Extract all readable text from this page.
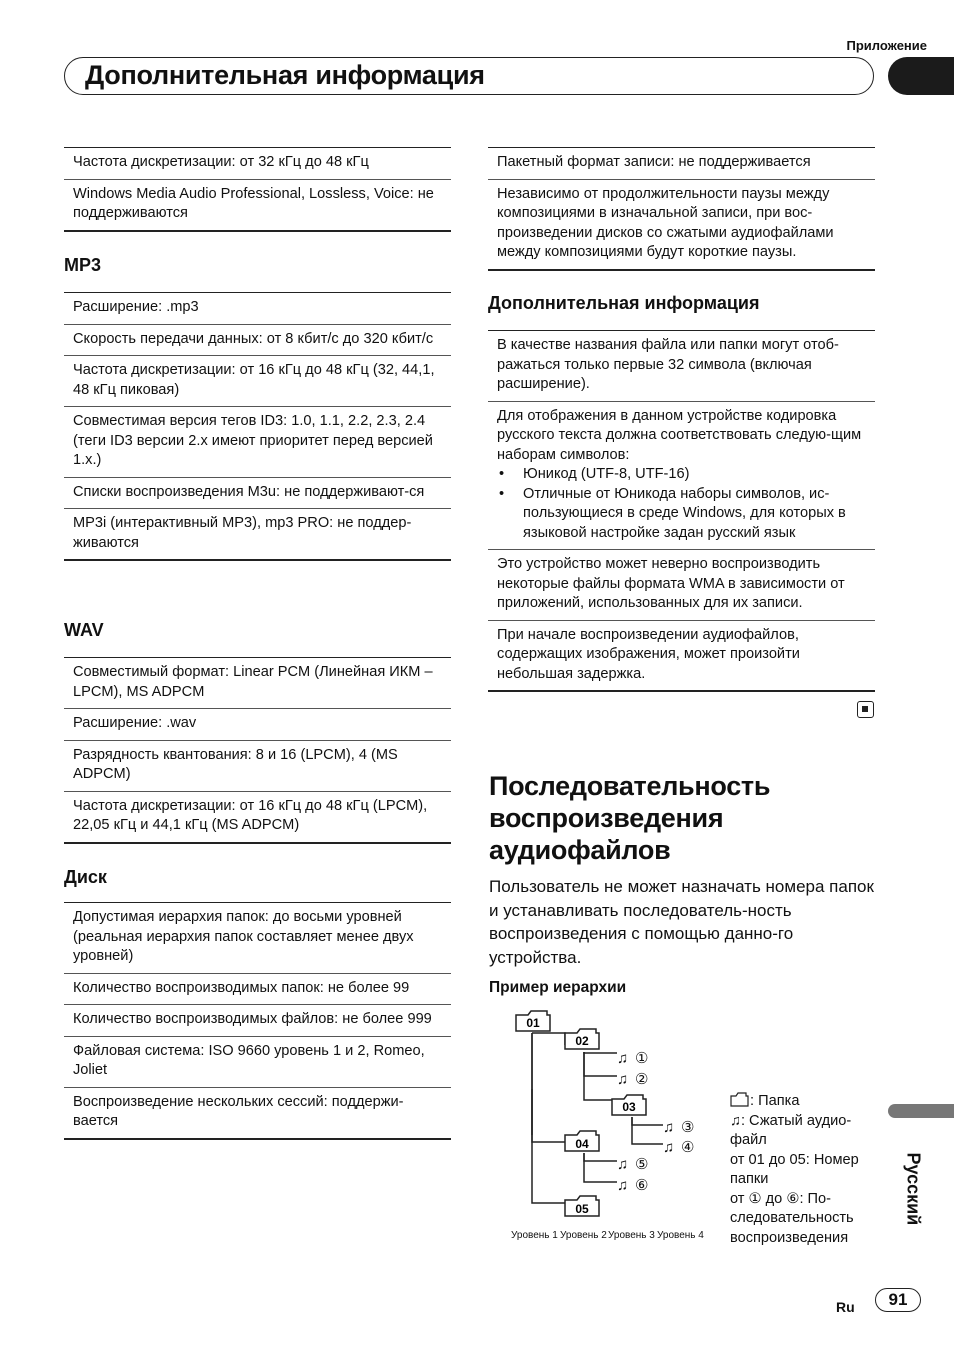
Приложение
Дополнительная информация
Частота дискретизации: от 32 кГц до 48 кГц
Windows Media Audio Professional, Lossless, Voice: не поддерживаются
MP3
Расширение: .mp3
Скорость передачи данных: от 8 кбит/с до 320 кбит/с
Частота дискретизации: от 16 кГц до 48 кГц (32, 44,1, 48 кГц пиковая)
Совместимая версия тегов ID3: 1.0, 1.1, 2.2, 2.3, 2.4 (теги ID3 версии 2.x имеют приоритет перед версией 1.x.)
Списки воспроизведения M3u: не поддерживают-ся
MP3i (интерактивный MP3), mp3 PRO: не поддер-живаются
WAV
Совместимый формат: Linear PCM (Линейная ИКМ – LPCM), MS ADPCM
Расширение: .wav
Разрядность квантования: 8 и 16 (LPCM), 4 (MS ADPCM)
Частота дискретизации: от 16 кГц до 48 кГц (LPCM), 22,05 кГц и 44,1 кГц (MS ADPCM)
Диск
Допустимая иерархия папок: до восьми уровней (реальная иерархия папок составляет менее двух уровней)
Количество воспроизводимых папок: не более 99
Количество воспроизводимых файлов: не более 999
Файловая система: ISO 9660 уровень 1 и 2, Romeo, Joliet
Воспроизведение нескольких сессий: поддержи-вается
Пакетный формат записи: не поддерживается
Независимо от продолжительности паузы между композициями в изначальной записи, при вос-произведении дисков со сжатыми аудиофайлами между композициями будут короткие паузы.
Дополнительная информация
В качестве названия файла или папки могут отоб-ражаться только первые 32 символа (включая расширение).
Для отображения в данном устройстве кодировка русского текста должна соответствовать следую-щим наборам символов:
• Юникод (UTF-8, UTF-16)
• Отличные от Юникода наборы символов, ис-пользующиеся в среде Windows, для которых в языковой настройке задан русский язык
Это устройство может неверно воспроизводить некоторые файлы формата WMA в зависимости от приложений, использованных для их записи.
При начале воспроизведении аудиофайлов, содержащих изображения, может произойти небольшая задержка.
Последовательность воспроизведения аудиофайлов
Пользователь не может назначать номера папок и устанавливать последователь-ность воспроизведения с помощью данно-го устройства.
Пример иерархии
01
02
03
04
05
♫ ①
♫ ②
♫ ③
♫ ④
♫ ⑤
♫ ⑥
Уровень 1 Уровень 2 Уровень 3 Уровень 4
: Папка
♫: Сжатый аудио-файл
от 01 до 05: Номер папки
от ① до ⑥: По-следовательность воспроизведения
Русский
Ru	91
